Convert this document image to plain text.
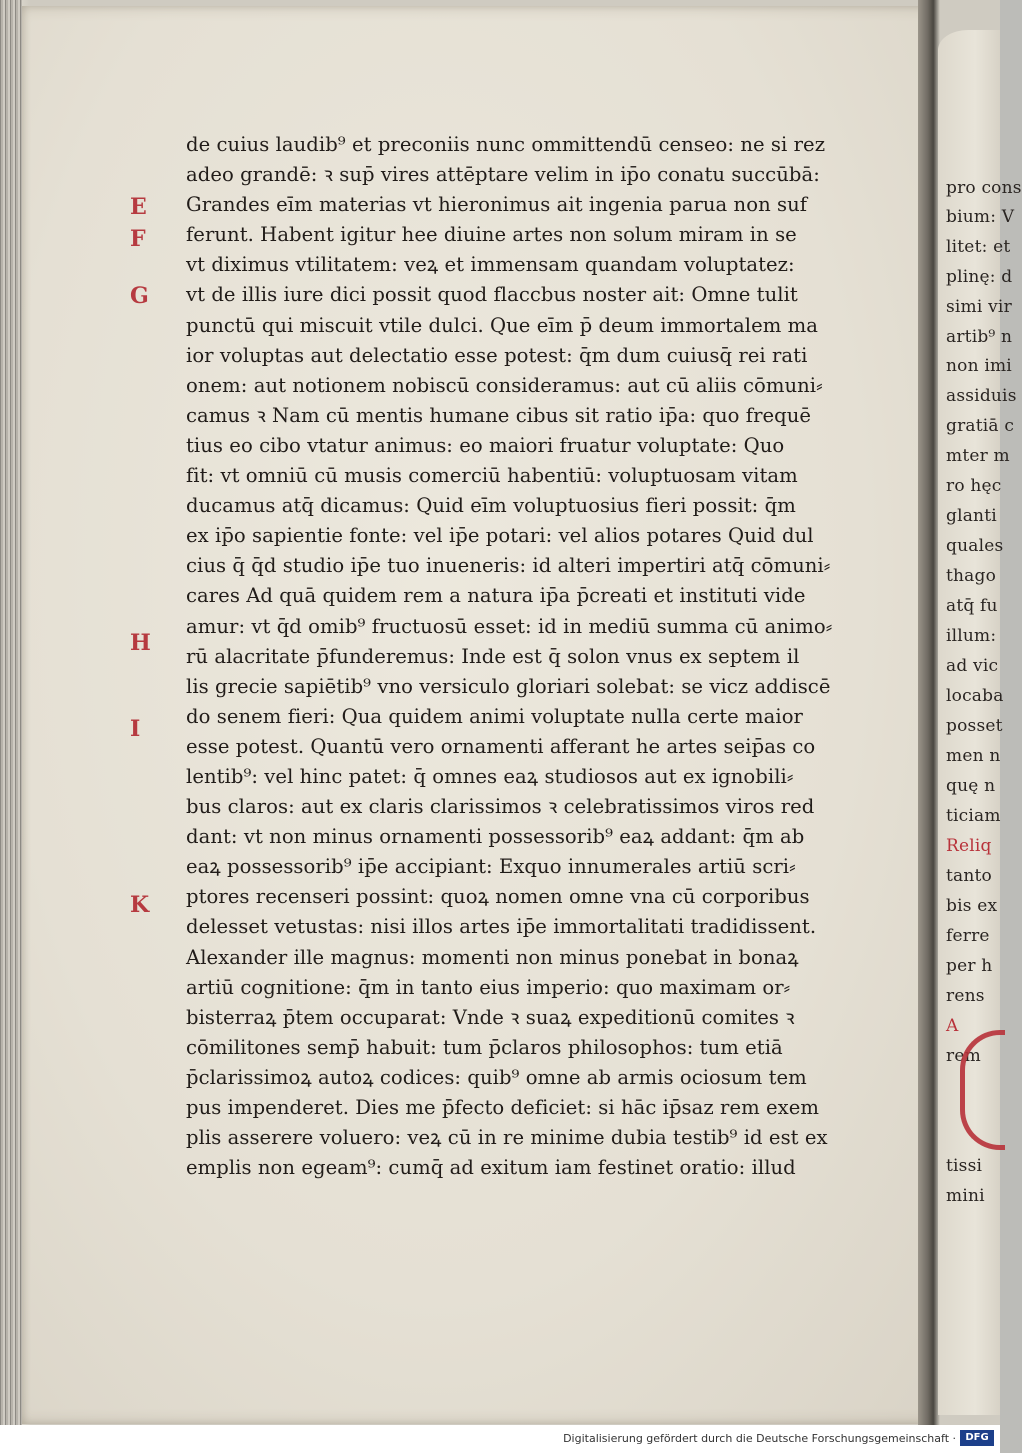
E
F
G
H
I
K
de cuius laudib⁹ et preconiis nunc ommittendū censeo: ne si rez
adeo grandē: ꝛ sup̄ vires attēptare velim in ip̄o conatu succūbā:
Grandes eīm materias vt hieronimus ait ingenia parua non suf
ferunt. Habent igitur hee diuine artes non solum miram in se
vt diximus vtilitatem: veꝝ et immensam quandam voluptatez:
vt de illis iure dici possit quod flaccbus noster ait: Omne tulit
punctū qui miscuit vtile dulci. Que eīm p̄ deum immortalem ma
ior voluptas aut delectatio esse potest: q̄m dum cuiusq̄ rei rati
onem: aut notionem nobiscū consideramus: aut cū aliis cōmuni⸗
camus ꝛ Nam cū mentis humane cibus sit ratio ip̄a: quo frequē
tius eo cibo vtatur animus: eo maiori fruatur voluptate: Quo
fit: vt omniū cū musis comerciū habentiū: voluptuosam vitam
ducamus atq̄ dicamus: Quid eīm voluptuosius fieri possit: q̄m
ex ip̄o sapientie fonte: vel ip̄e potari: vel alios potares Quid dul
cius q̄ q̄d studio ip̄e tuo inueneris: id alteri impertiri atq̄ cōmuni⸗
cares Ad quā quidem rem a natura ip̄a p̄creati et instituti vide
amur: vt q̄d omib⁹ fructuosū esset: id in mediū summa cū animo⸗
rū alacritate p̄funderemus: Inde est q̄ solon vnus ex septem il
lis grecie sapiētib⁹ vno versiculo gloriari solebat: se vicz addiscē
do senem fieri: Qua quidem animi voluptate nulla certe maior
esse potest. Quantū vero ornamenti afferant he artes seip̄as co
lentib⁹: vel hinc patet: q̄ omnes eaꝝ studiosos aut ex ignobili⸗
bus claros: aut ex claris clarissimos ꝛ celebratissimos viros red
dant: vt non minus ornamenti possessorib⁹ eaꝝ addant: q̄m ab
eaꝝ possessorib⁹ ip̄e accipiant: Exquo innumerales artiū scri⸗
ptores recenseri possint: quoꝝ nomen omne vna cū corporibus
delesset vetustas: nisi illos artes ip̄e immortalitati tradidissent.
Alexander ille magnus: momenti non minus ponebat in bonaꝝ
artiū cognitione: q̄m in tanto eius imperio: quo maximam or⸗
bisterraꝝ p̄tem occuparat: Vnde ꝛ suaꝝ expeditionū comites ꝛ
cōmilitones semp̄ habuit: tum p̄claros philosophos: tum etiā
p̄clarissimoꝝ autoꝝ codices: quib⁹ omne ab armis ociosum tem
pus impenderet. Dies me p̄fecto deficiet: si hāc ip̄saz rem exem
plis asserere voluero: veꝝ cū in re minime dubia testib⁹ id est ex
emplis non egeam⁹: cumq̄ ad exitum iam festinet oratio: illud
pro cons
bium: V
litet: et
plinę: d
simi vir
artib⁹ n
non imi
assiduis
gratiā c
mter m
ro hęc
glanti
quales
thago
atq̄ fu
illum:
ad vic
locaba
posset
men n
quę n
ticiam
Reliq
tanto
bis ex
ferre
per h
rens
A
rem
tissi
mini
Digitalisierung gefördert durch die Deutsche Forschungsgemeinschaft · DFG
